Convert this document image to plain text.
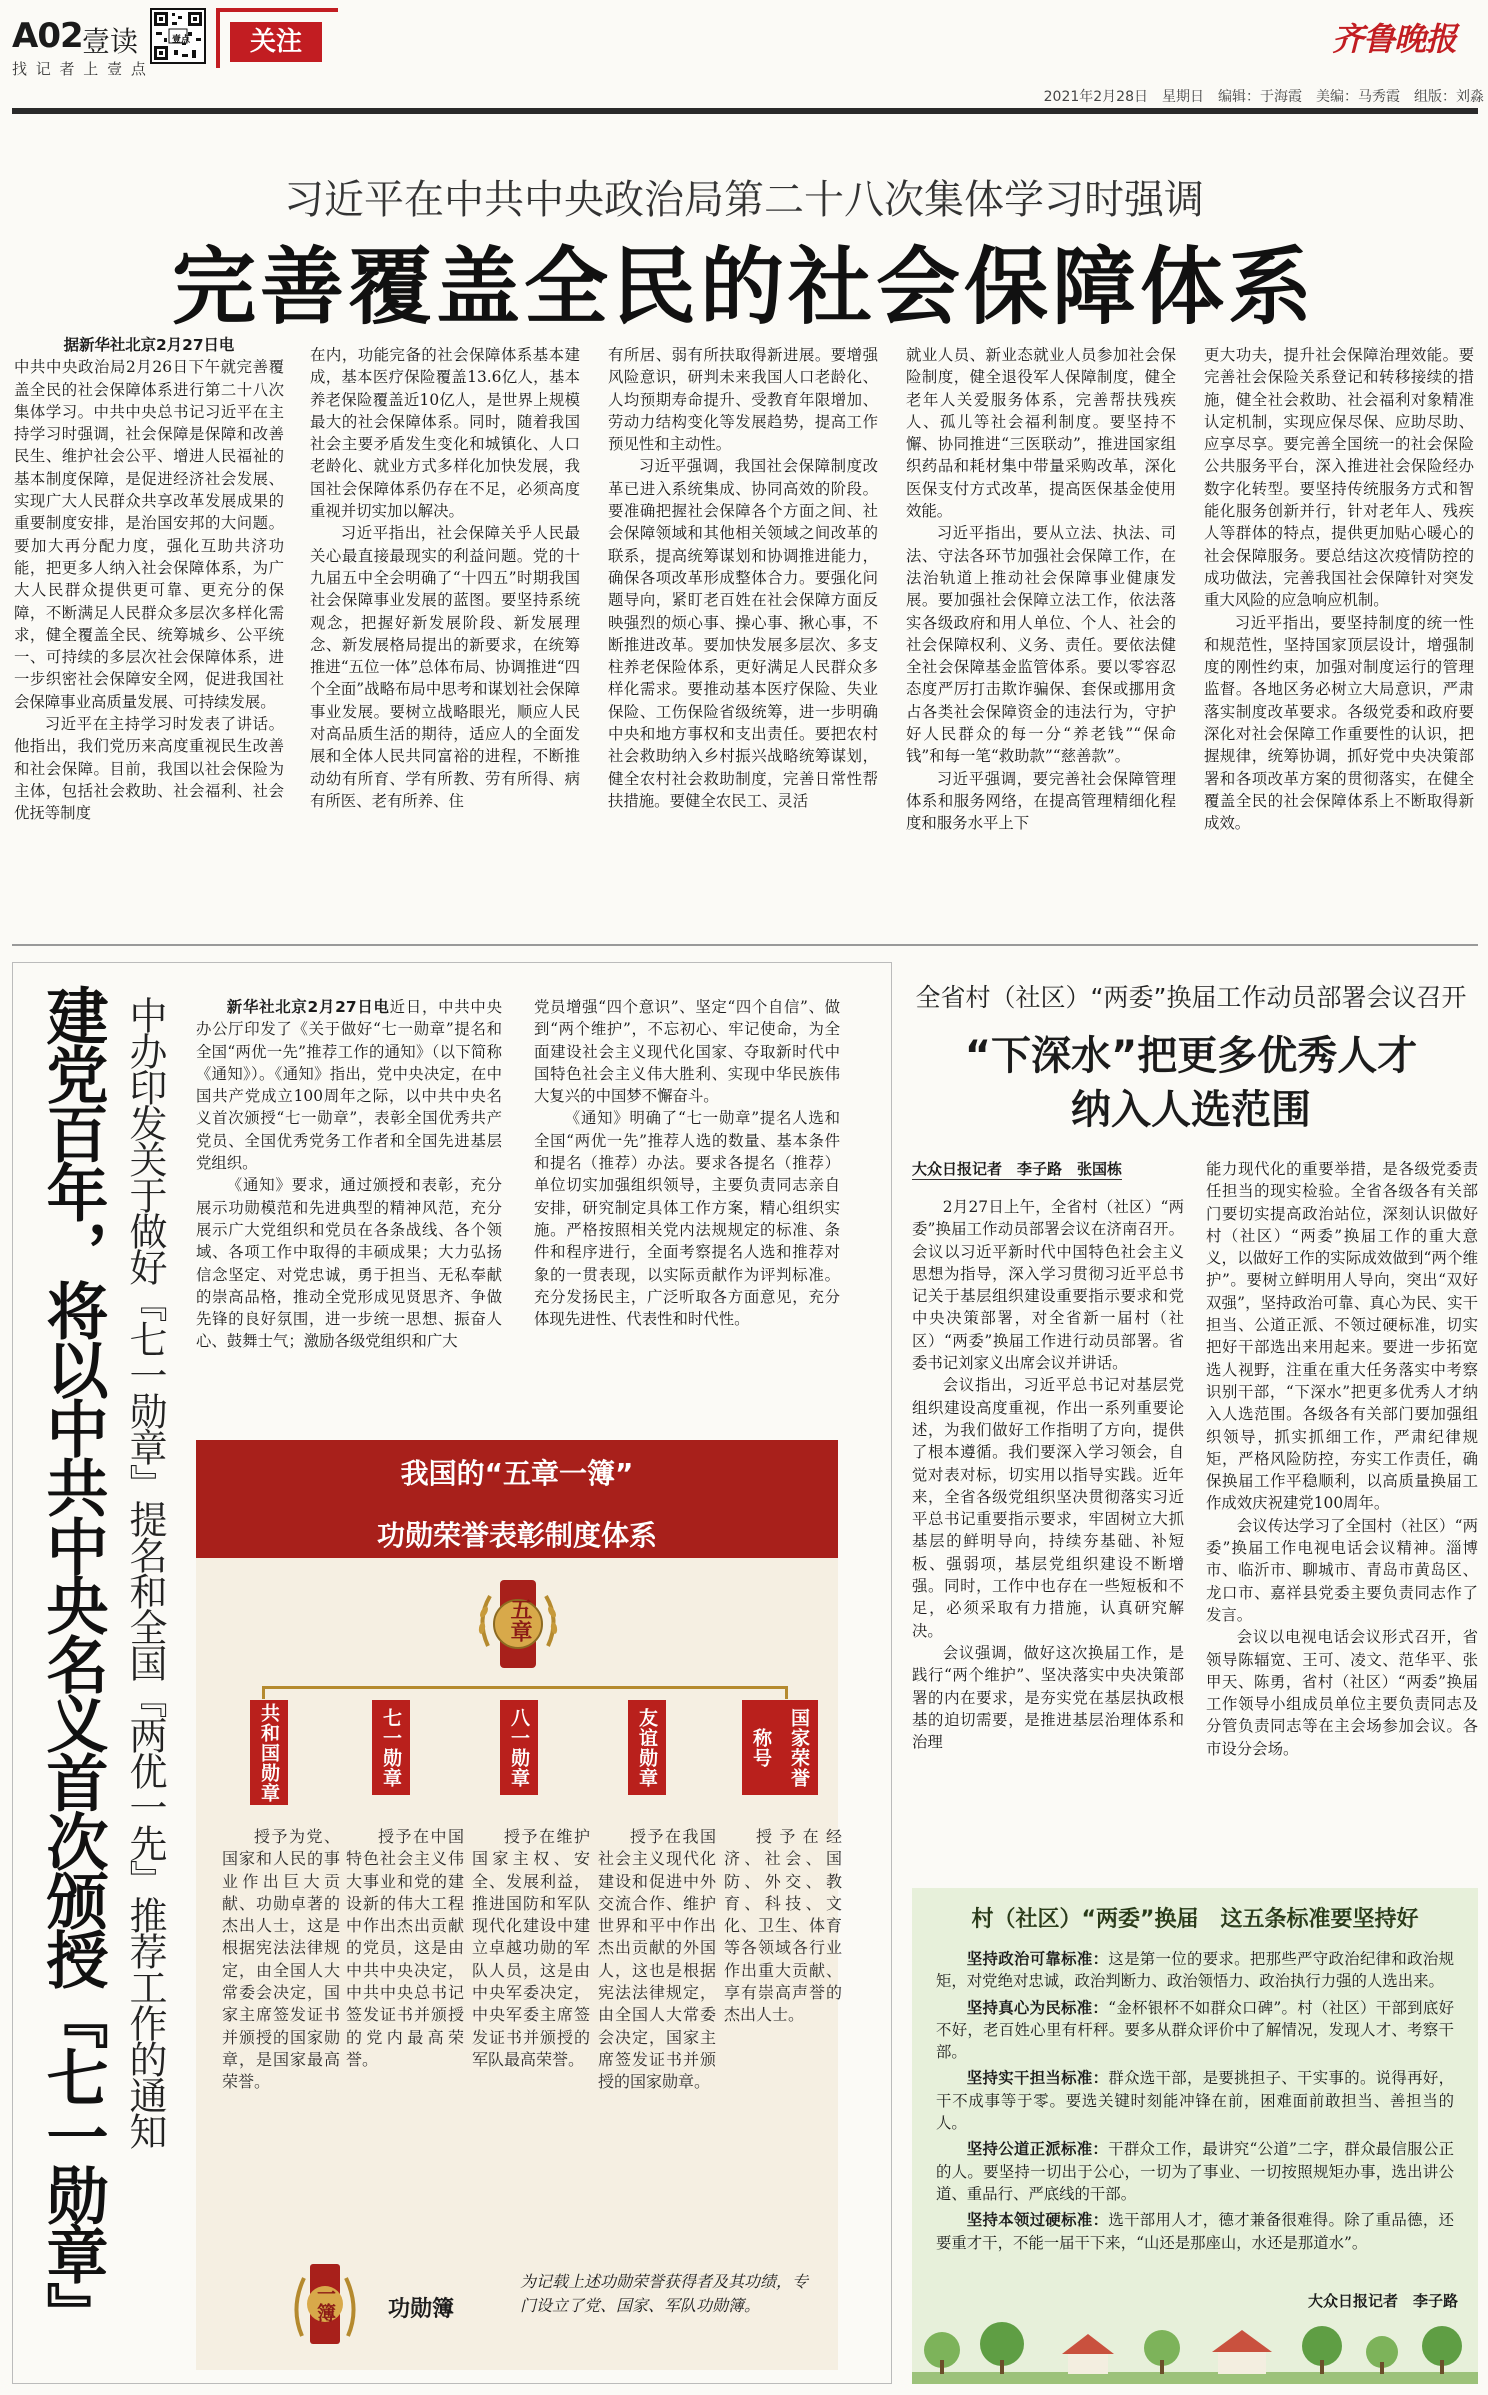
A02 壹读
找 记 者 上 壹 点
壹点	关注	齐鲁晚报
2021年2月28日　星期日　编辑：于海霞　美编：马秀霞　组版：刘淼
习近平在中共中央政治局第二十八次集体学习时强调
完善覆盖全民的社会保障体系

据新华社北京2月27日电

中共中央政治局2月26日下午就完善覆盖全民的社会保障体系进行第二十八次集体学习。中共中央总书记习近平在主持学习时强调，社会保障是保障和改善民生、维护社会公平、增进人民福祉的基本制度保障，是促进经济社会发展、实现广大人民群众共享改革发展成果的重要制度安排，是治国安邦的大问题。要加大再分配力度，强化互助共济功能，把更多人纳入社会保障体系，为广大人民群众提供更可靠、更充分的保障，不断满足人民群众多层次多样化需求，健全覆盖全民、统筹城乡、公平统一、可持续的多层次社会保障体系，进一步织密社会保障安全网，促进我国社会保障事业高质量发展、可持续发展。

习近平在主持学习时发表了讲话。他指出，我们党历来高度重视民生改善和社会保障。目前，我国以社会保险为主体，包括社会救助、社会福利、社会优抚等制度

在内，功能完备的社会保障体系基本建成，基本医疗保险覆盖13.6亿人，基本养老保险覆盖近10亿人，是世界上规模最大的社会保障体系。同时，随着我国社会主要矛盾发生变化和城镇化、人口老龄化、就业方式多样化加快发展，我国社会保障体系仍存在不足，必须高度重视并切实加以解决。

习近平指出，社会保障关乎人民最关心最直接最现实的利益问题。党的十九届五中全会明确了“十四五”时期我国社会保障事业发展的蓝图。要坚持系统观念，把握好新发展阶段、新发展理念、新发展格局提出的新要求，在统筹推进“五位一体”总体布局、协调推进“四个全面”战略布局中思考和谋划社会保障事业发展。要树立战略眼光，顺应人民对高品质生活的期待，适应人的全面发展和全体人民共同富裕的进程，不断推动幼有所育、学有所教、劳有所得、病有所医、老有所养、住

有所居、弱有所扶取得新进展。要增强风险意识，研判未来我国人口老龄化、人均预期寿命提升、受教育年限增加、劳动力结构变化等发展趋势，提高工作预见性和主动性。

习近平强调，我国社会保障制度改革已进入系统集成、协同高效的阶段。要准确把握社会保障各个方面之间、社会保障领域和其他相关领域之间改革的联系，提高统筹谋划和协调推进能力，确保各项改革形成整体合力。要强化问题导向，紧盯老百姓在社会保障方面反映强烈的烦心事、操心事、揪心事，不断推进改革。要加快发展多层次、多支柱养老保险体系，更好满足人民群众多样化需求。要推动基本医疗保险、失业保险、工伤保险省级统筹，进一步明确中央和地方事权和支出责任。要把农村社会救助纳入乡村振兴战略统筹谋划，健全农村社会救助制度，完善日常性帮扶措施。要健全农民工、灵活

就业人员、新业态就业人员参加社会保险制度，健全退役军人保障制度，健全老年人关爱服务体系，完善帮扶残疾人、孤儿等社会福利制度。要坚持不懈、协同推进“三医联动”，推进国家组织药品和耗材集中带量采购改革，深化医保支付方式改革，提高医保基金使用效能。

习近平指出，要从立法、执法、司法、守法各环节加强社会保障工作，在法治轨道上推动社会保障事业健康发展。要加强社会保障立法工作，依法落实各级政府和用人单位、个人、社会的社会保障权利、义务、责任。要依法健全社会保障基金监管体系。要以零容忍态度严厉打击欺诈骗保、套保或挪用贪占各类社会保障资金的违法行为，守护好人民群众的每一分“养老钱”“保命钱”和每一笔“救助款”“慈善款”。

习近平强调，要完善社会保障管理体系和服务网络，在提高管理精细化程度和服务水平上下

更大功夫，提升社会保障治理效能。要完善社会保险关系登记和转移接续的措施，健全社会救助、社会福利对象精准认定机制，实现应保尽保、应助尽助、应享尽享。要完善全国统一的社会保险公共服务平台，深入推进社会保险经办数字化转型。要坚持传统服务方式和智能化服务创新并行，针对老年人、残疾人等群体的特点，提供更加贴心暖心的社会保障服务。要总结这次疫情防控的成功做法，完善我国社会保障针对突发重大风险的应急响应机制。

习近平指出，要坚持制度的统一性和规范性，坚持国家顶层设计，增强制度的刚性约束，加强对制度运行的管理监督。各地区务必树立大局意识，严肃落实制度改革要求。各级党委和政府要深化对社会保障工作重要性的认识，把握规律，统筹协调，抓好党中央决策部署和各项改革方案的贯彻落实，在健全覆盖全民的社会保障体系上不断取得新成效。

建党百年，将以中共中央名义首次颁授『七一勋章』 中办印发关于做好『七一勋章』提名和全国『两优一先』推荐工作的通知	新华社北京2月27日电近日，中共中央办公厅印发了《关于做好“七一勋章”提名和全国“两优一先”推荐工作的通知》（以下简称《通知》）。《通知》指出，党中央决定，在中国共产党成立100周年之际，以中共中央名义首次颁授“七一勋章”，表彰全国优秀共产党员、全国优秀党务工作者和全国先进基层党组织。

《通知》要求，通过颁授和表彰，充分展示功勋模范和先进典型的精神风范，充分展示广大党组织和党员在各条战线、各个领域、各项工作中取得的丰硕成果；大力弘扬信念坚定、对党忠诚，勇于担当、无私奉献的崇高品格，推动全党形成见贤思齐、争做先锋的良好氛围，进一步统一思想、振奋人心、鼓舞士气；激励各级党组织和广大

党员增强“四个意识”、坚定“四个自信”、做到“两个维护”，不忘初心、牢记使命，为全面建设社会主义现代化国家、夺取新时代中国特色社会主义伟大胜利、实现中华民族伟大复兴的中国梦不懈奋斗。

《通知》明确了“七一勋章”提名人选和全国“两优一先”推荐人选的数量、基本条件和提名（推荐）办法。要求各提名（推荐）单位切实加强组织领导，主要负责同志亲自安排，研究制定具体工作方案，精心组织实施。严格按照相关党内法规规定的标准、条件和程序进行，全面考察提名人选和推荐对象的一贯表现，以实际贡献作为评判标准。充分发扬民主，广泛听取各方面意见，充分体现先进性、代表性和时代性。

我国的“五章一簿”
功勋荣誉表彰制度体系
五章
共和国勋章

授予为党、国家和人民的事业作出巨大贡献、功勋卓著的杰出人士，这是根据宪法法律规定，由全国人大常委会决定，国家主席签发证书并颁授的国家勋章，是国家最高荣誉。

七一勋章

授予在中国特色社会主义伟大事业和党的建设新的伟大工程中作出杰出贡献的党员，这是由中共中央决定，中共中央总书记签发证书并颁授的党内最高荣誉。

八一勋章

授予在维护国家主权、安全、发展利益，推进国防和军队现代化建设中建立卓越功勋的军队人员，这是由中央军委决定，中央军委主席签发证书并颁授的军队最高荣誉。

友谊勋章

授予在我国社会主义现代化建设和促进中外交流合作、维护世界和平中作出杰出贡献的外国人，这也是根据宪法法律规定，由全国人大常委会决定，国家主席签发证书并颁授的国家勋章。

国家荣誉称号

授予在经济、社会、国防、外交、教育、科技、文化、卫生、体育等各领域各行业作出重大贡献、享有崇高声誉的杰出人士。

一簿 功勋簿
为记载上述功勋荣誉获得者及其功绩，专门设立了党、国家、军队功勋簿。
全省村（社区）“两委”换届工作动员部署会议召开
“下深水”把更多优秀人才
纳入人选范围
大众日报记者　李子路　张国栋

2月27日上午，全省村（社区）“两委”换届工作动员部署会议在济南召开。会议以习近平新时代中国特色社会主义思想为指导，深入学习贯彻习近平总书记关于基层组织建设重要指示要求和党中央决策部署，对全省新一届村（社区）“两委”换届工作进行动员部署。省委书记刘家义出席会议并讲话。

会议指出，习近平总书记对基层党组织建设高度重视，作出一系列重要论述，为我们做好工作指明了方向，提供了根本遵循。我们要深入学习领会，自觉对表对标，切实用以指导实践。近年来，全省各级党组织坚决贯彻落实习近平总书记重要指示要求，牢固树立大抓基层的鲜明导向，持续夯基础、补短板、强弱项，基层党组织建设不断增强。同时，工作中也存在一些短板和不足，必须采取有力措施，认真研究解决。

会议强调，做好这次换届工作，是践行“两个维护”、坚决落实中央决策部署的内在要求，是夯实党在基层执政根基的迫切需要，是推进基层治理体系和治理

能力现代化的重要举措，是各级党委责任担当的现实检验。全省各级各有关部门要切实提高政治站位，深刻认识做好村（社区）“两委”换届工作的重大意义，以做好工作的实际成效做到“两个维护”。要树立鲜明用人导向，突出“双好双强”，坚持政治可靠、真心为民、实干担当、公道正派、不领过硬标准，切实把好干部选出来用起来。要进一步拓宽选人视野，注重在重大任务落实中考察识别干部，“下深水”把更多优秀人才纳入人选范围。各级各有关部门要加强组织领导，抓实抓细工作，严肃纪律规矩，严格风险防控，夯实工作责任，确保换届工作平稳顺利，以高质量换届工作成效庆祝建党100周年。

会议传达学习了全国村（社区）“两委”换届工作电视电话会议精神。淄博市、临沂市、聊城市、青岛市黄岛区、龙口市、嘉祥县党委主要负责同志作了发言。

会议以电视电话会议形式召开，省领导陈辐宽、王可、凌文、范华平、张甲天、陈勇，省村（社区）“两委”换届工作领导小组成员单位主要负责同志及分管负责同志等在主会场参加会议。各市设分会场。

村（社区）“两委”换届　这五条标准要坚持好

坚持政治可靠标准：这是第一位的要求。把那些严守政治纪律和政治规矩，对党绝对忠诚，政治判断力、政治领悟力、政治执行力强的人选出来。

坚持真心为民标准：“金杯银杯不如群众口碑”。村（社区）干部到底好不好，老百姓心里有杆秤。要多从群众评价中了解情况，发现人才、考察干部。

坚持实干担当标准：群众选干部，是要挑担子、干实事的。说得再好，干不成事等于零。要选关键时刻能冲锋在前，困难面前敢担当、善担当的人。

坚持公道正派标准：干群众工作，最讲究“公道”二字，群众最信服公正的人。要坚持一切出于公心，一切为了事业、一切按照规矩办事，选出讲公道、重品行、严底线的干部。

坚持本领过硬标准：选干部用人才，德才兼备很难得。除了重品德，还要重才干，不能一届干下来，“山还是那座山，水还是那道水”。

大众日报记者　李子路
